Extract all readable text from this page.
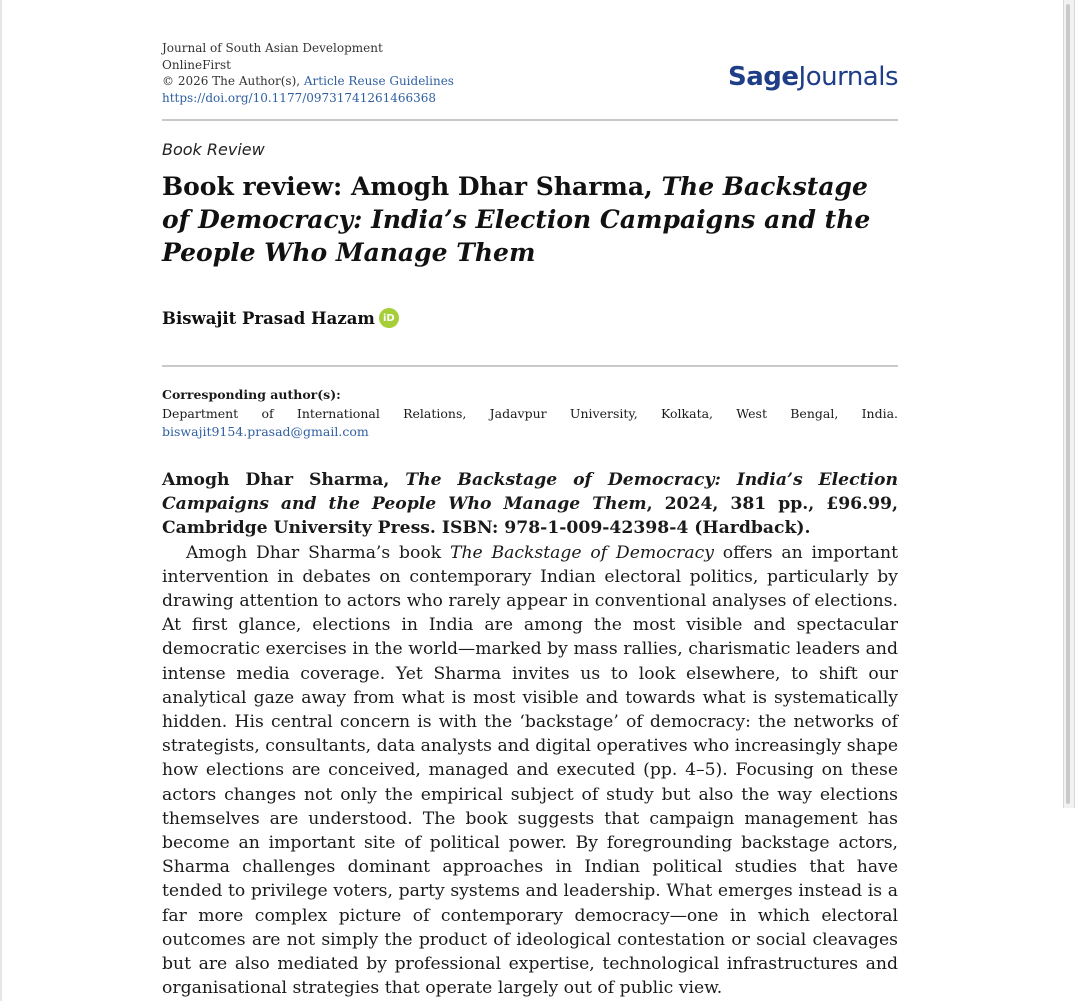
Journal of South Asian Development
OnlineFirst
© 2026 The Author(s), Article Reuse Guidelines
https://doi.org/10.1177/09731741261466368
SageJournals
Book Review
Book review: Amogh Dhar Sharma, The Backstage of Democracy: India’s Election Campaigns and the People Who Manage Them
Biswajit Prasad Hazam iD
Corresponding author(s):
Department of International Relations, Jadavpur University, Kolkata, West Bengal, India.
biswajit9154.prasad@gmail.com

Amogh Dhar Sharma, The Backstage of Democracy: India’s Election Campaigns and the People Who Manage Them, 2024, 381 pp., £96.99, Cambridge University Press. ISBN: 978-1-009-42398-4 (Hardback).

Amogh Dhar Sharma’s book The Backstage of Democracy offers an important intervention in debates on contemporary Indian electoral politics, particularly by drawing attention to actors who rarely appear in conventional analyses of elections. At first glance, elections in India are among the most visible and spectacular democratic exercises in the world—marked by mass rallies, charismatic leaders and intense media coverage. Yet Sharma invites us to look elsewhere, to shift our analytical gaze away from what is most visible and towards what is systematically hidden. His central concern is with the ‘backstage’ of democracy: the networks of strategists, consultants, data analysts and digital operatives who increasingly shape how elections are conceived, managed and executed (pp. 4–5). Focusing on these actors changes not only the empirical subject of study but also the way elections themselves are understood. The book suggests that campaign management has become an important site of political power. By foregrounding backstage actors, Sharma challenges dominant approaches in Indian political studies that have tended to privilege voters, party systems and leadership. What emerges instead is a far more complex picture of contemporary democracy—one in which electoral outcomes are not simply the product of ideological contestation or social cleavages but are also mediated by professional expertise, technological infrastructures and organisational strategies that operate largely out of public view.
